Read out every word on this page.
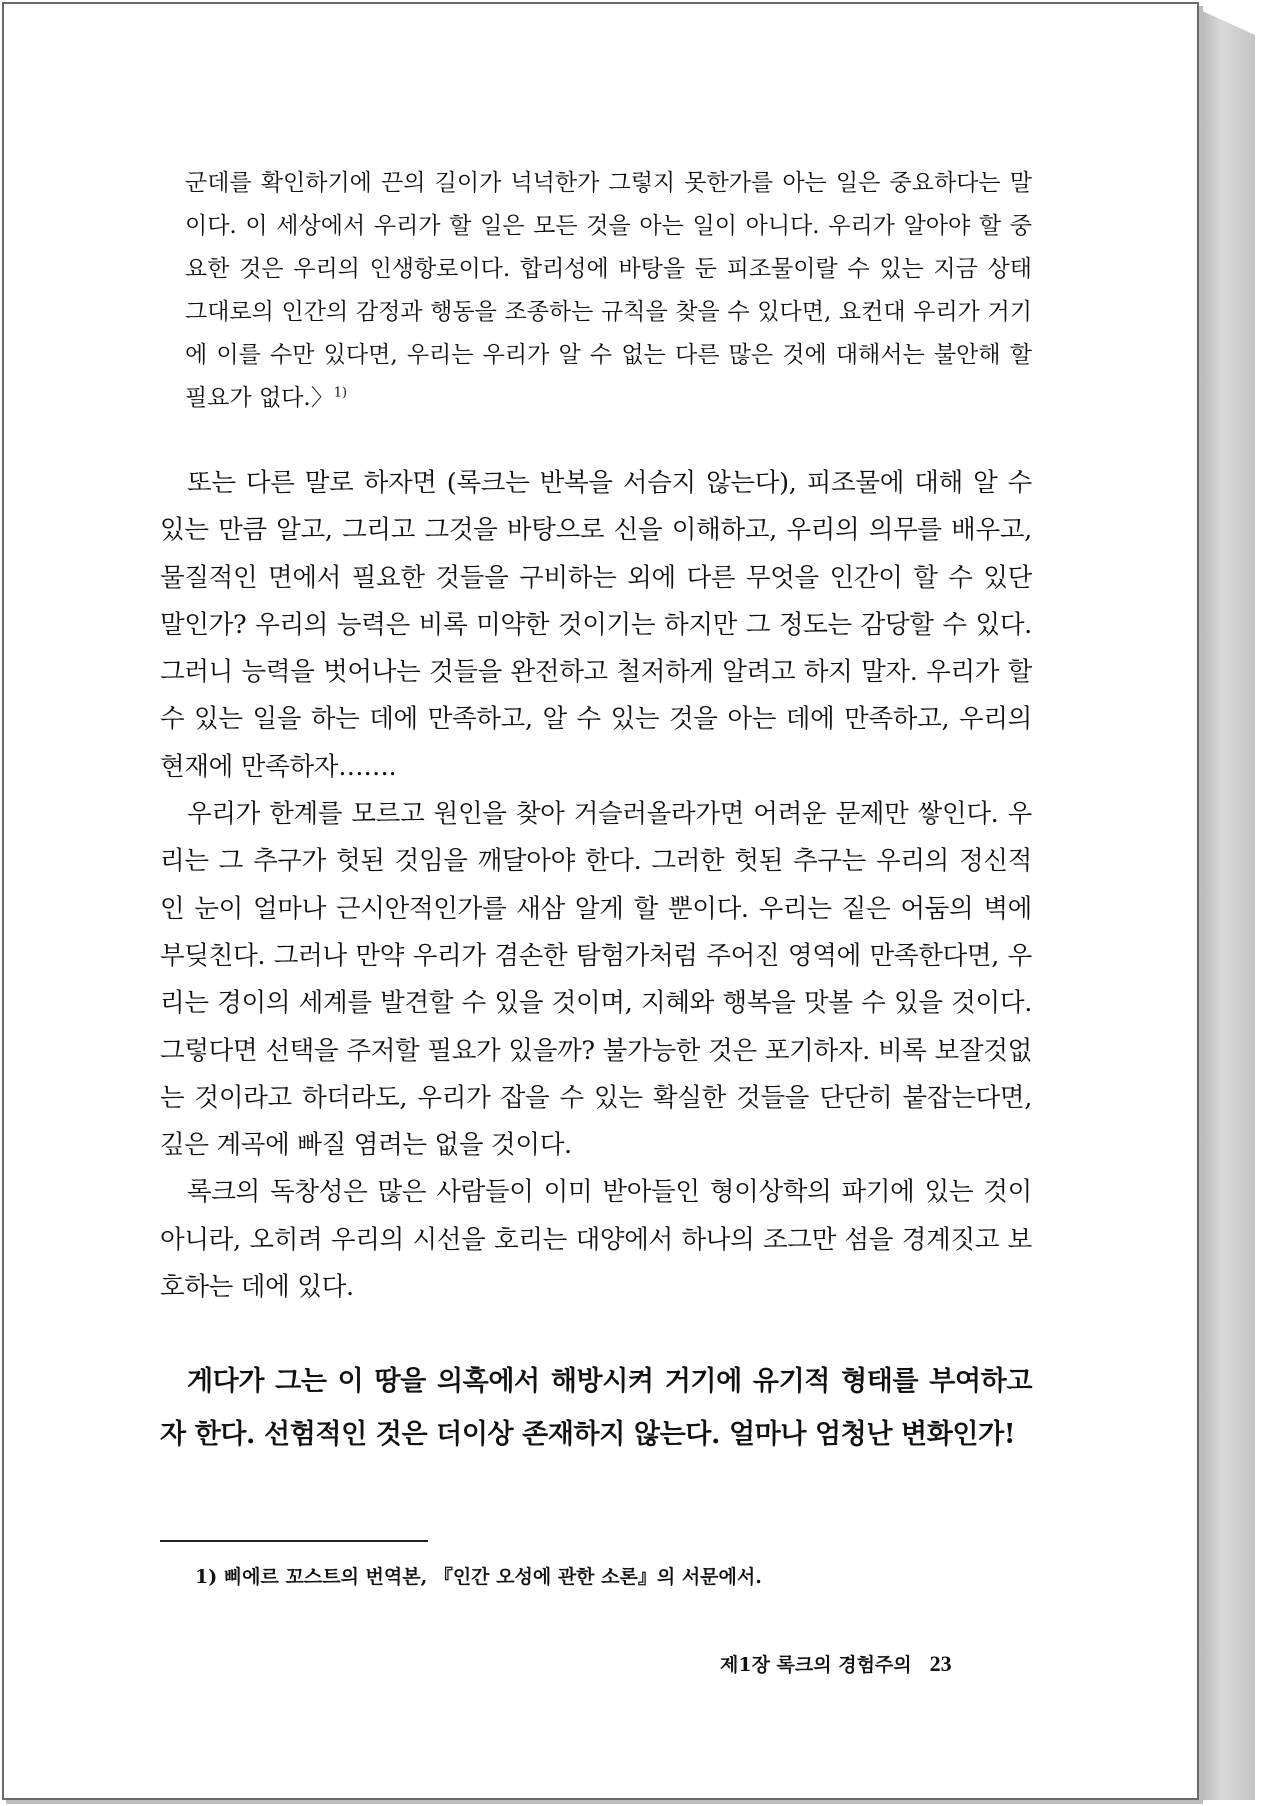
군데를 확인하기에 끈의 길이가 넉넉한가 그렇지 못한가를 아는 일은 중요하다는 말이다. 이 세상에서 우리가 할 일은 모든 것을 아는 일이 아니다. 우리가 알아야 할 중요한 것은 우리의 인생항로이다. 합리성에 바탕을 둔 피조물이랄 수 있는 지금 상태 그대로의 인간의 감정과 행동을 조종하는 규칙을 찾을 수 있다면, 요컨대 우리가 거기에 이를 수만 있다면, 우리는 우리가 알 수 없는 다른 많은 것에 대해서는 불안해 할 필요가 없다.〉$^{1)}$

또는 다른 말로 하자면 (록크는 반복을 서슴지 않는다), 피조물에 대해 알 수 있는 만큼 알고, 그리고 그것을 바탕으로 신을 이해하고, 우리의 의무를 배우고, 물질적인 면에서 필요한 것들을 구비하는 외에 다른 무엇을 인간이 할 수 있단 말인가? 우리의 능력은 비록 미약한 것이기는 하지만 그 정도는 감당할 수 있다. 그러니 능력을 벗어나는 것들을 완전하고 철저하게 알려고 하지 말자. 우리가 할 수 있는 일을 하는 데에 만족하고, 알 수 있는 것을 아는 데에 만족하고, 우리의 현재에 만족하자…….

우리가 한계를 모르고 원인을 찾아 거슬러올라가면 어려운 문제만 쌓인다. 우리는 그 추구가 헛된 것임을 깨달아야 한다. 그러한 헛된 추구는 우리의 정신적인 눈이 얼마나 근시안적인가를 새삼 알게 할 뿐이다. 우리는 짙은 어둠의 벽에 부딪친다. 그러나 만약 우리가 겸손한 탐험가처럼 주어진 영역에 만족한다면, 우리는 경이의 세계를 발견할 수 있을 것이며, 지혜와 행복을 맛볼 수 있을 것이다. 그렇다면 선택을 주저할 필요가 있을까? 불가능한 것은 포기하자. 비록 보잘것없는 것이라고 하더라도, 우리가 잡을 수 있는 확실한 것들을 단단히 붙잡는다면, 깊은 계곡에 빠질 염려는 없을 것이다.

록크의 독창성은 많은 사람들이 이미 받아들인 형이상학의 파기에 있는 것이 아니라, 오히려 우리의 시선을 호리는 대양에서 하나의 조그만 섬을 경계짓고 보호하는 데에 있다.

게다가 그는 이 땅을 의혹에서 해방시켜 거기에 유기적 형태를 부여하고자 한다. 선험적인 것은 더이상 존재하지 않는다. 얼마나 엄청난 변화인가!

1) 삐에르 꼬스트의 번역본, 『인간 오성에 관한 소론』의 서문에서.

제1장 록크의 경험주의 23
